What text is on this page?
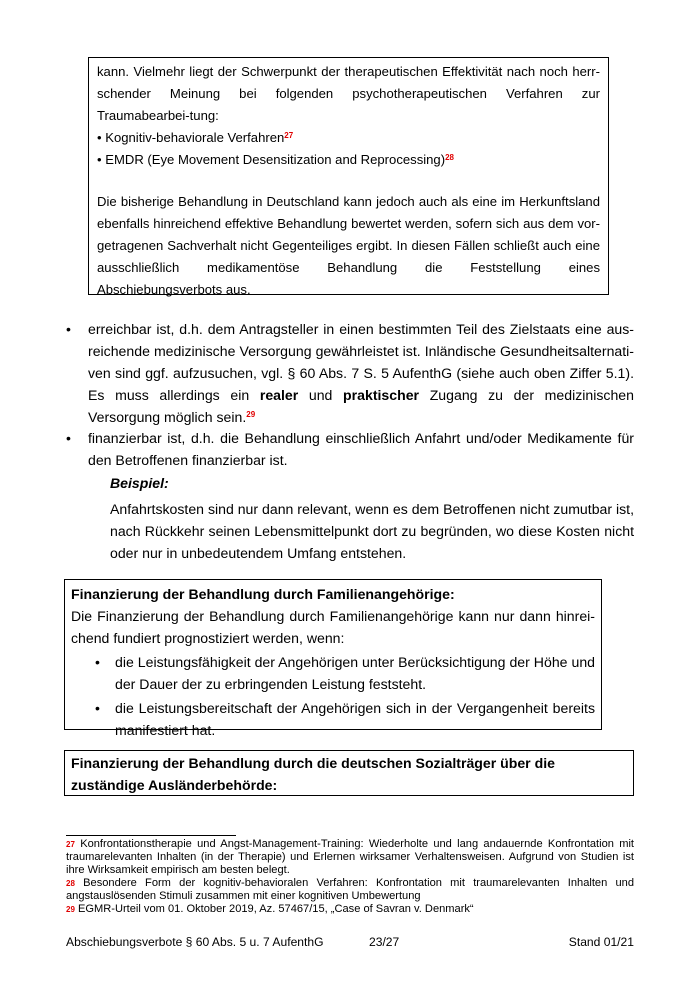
kann. Vielmehr liegt der Schwerpunkt der therapeutischen Effektivität nach noch herr-schender Meinung bei folgenden psychotherapeutischen Verfahren zur Traumabearbei-tung:

• Kognitiv-behaviorale Verfahren$^{27}$

• EMDR (Eye Movement Desensitization and Reprocessing)$^{28}$

Die bisherige Behandlung in Deutschland kann jedoch auch als eine im Herkunftsland ebenfalls hinreichend effektive Behandlung bewertet werden, sofern sich aus dem vor-getragenen Sachverhalt nicht Gegenteiliges ergibt. In diesen Fällen schließt auch eine ausschließlich medikamentöse Behandlung die Feststellung eines Abschiebungsverbots aus.

• erreichbar ist, d.h. dem Antragsteller in einen bestimmten Teil des Zielstaats eine aus-reichende medizinische Versorgung gewährleistet ist. Inländische Gesundheitsalternati-ven sind ggf. aufzusuchen, vgl. § 60 Abs. 7 S. 5 AufenthG (siehe auch oben Ziffer 5.1). Es muss allerdings ein realer und praktischer Zugang zu der medizinischen Versorgung möglich sein.$^{29}$
• finanzierbar ist, d.h. die Behandlung einschließlich Anfahrt und/oder Medikamente für den Betroffenen finanzierbar ist.
Beispiel:
Anfahrtskosten sind nur dann relevant, wenn es dem Betroffenen nicht zumutbar ist, nach Rückkehr seinen Lebensmittelpunkt dort zu begründen, wo diese Kosten nicht oder nur in unbedeutendem Umfang entstehen.
Finanzierung der Behandlung durch Familienangehörige:
Die Finanzierung der Behandlung durch Familienangehörige kann nur dann hinrei-chend fundiert prognostiziert werden, wenn:
• die Leistungsfähigkeit der Angehörigen unter Berücksichtigung der Höhe und der Dauer der zu erbringenden Leistung feststeht.
• die Leistungsbereitschaft der Angehörigen sich in der Vergangenheit bereits manifestiert hat.
Finanzierung der Behandlung durch die deutschen Sozialträger über die zuständige Ausländerbehörde:

$^{27}$ Konfrontationstherapie und Angst-Management-Training: Wiederholte und lang andauernde Konfrontation mit traumarelevanten Inhalten (in der Therapie) und Erlernen wirksamer Verhaltensweisen. Aufgrund von Studien ist ihre Wirksamkeit empirisch am besten belegt.

$^{28}$ Besondere Form der kognitiv-behavioralen Verfahren: Konfrontation mit traumarelevanten Inhalten und angstauslösenden Stimuli zusammen mit einer kognitiven Umbewertung

$^{29}$ EGMR-Urteil vom 01. Oktober 2019, Az. 57467/15, „Case of Savran v. Denmark“

Abschiebungsverbote § 60 Abs. 5 u. 7 AufenthG	23/27	Stand 01/21
